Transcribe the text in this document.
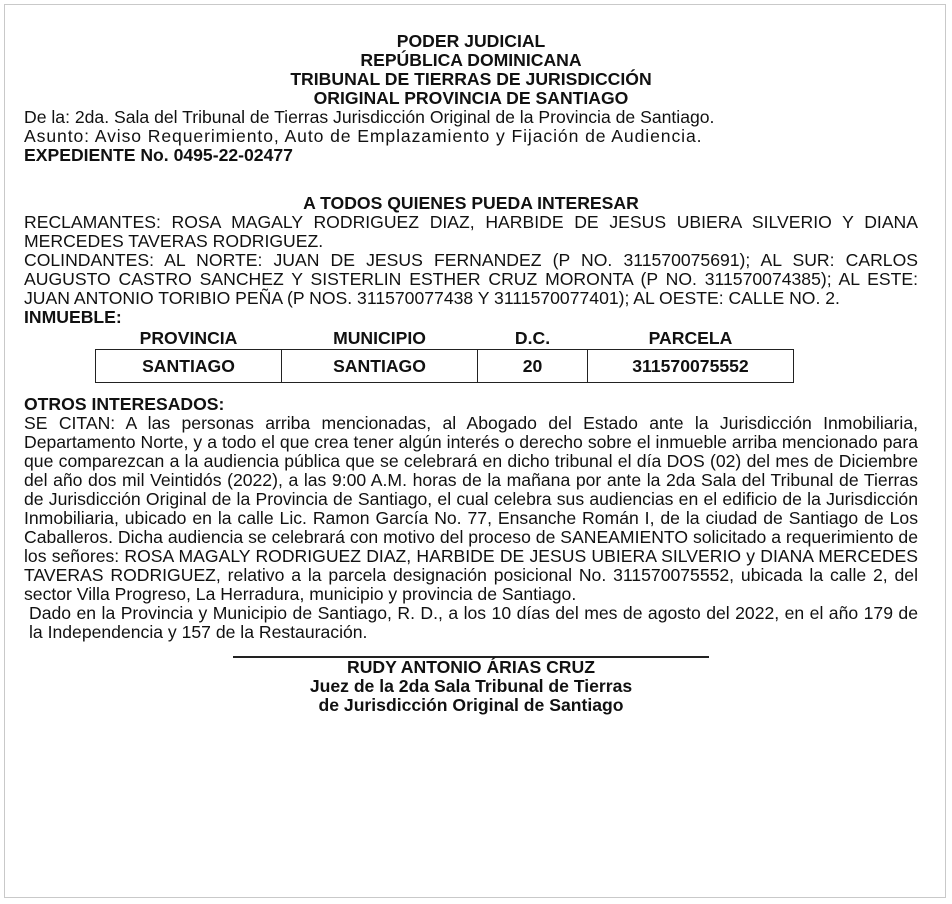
PODER JUDICIAL
REPÚBLICA DOMINICANA
TRIBUNAL DE TIERRAS DE JURISDICCIÓN
ORIGINAL PROVINCIA DE SANTIAGO
De la: 2da. Sala del Tribunal de Tierras Jurisdicción Original de la Provincia de Santiago.
Asunto: Aviso Requerimiento, Auto de Emplazamiento y Fijación de Audiencia.
EXPEDIENTE No. 0495-22-02477
A TODOS QUIENES PUEDA INTERESAR
RECLAMANTES: ROSA MAGALY RODRIGUEZ DIAZ, HARBIDE DE JESUS UBIERA SILVERIO Y DIANA MERCEDES TAVERAS RODRIGUEZ.
COLINDANTES: AL NORTE: JUAN DE JESUS FERNANDEZ (P NO. 311570075691); AL SUR: CARLOS AUGUSTO CASTRO SANCHEZ Y SISTERLIN ESTHER CRUZ MORONTA (P NO. 311570074385); AL ESTE: JUAN ANTONIO TORIBIO PEÑA (P NOS. 311570077438 Y 3111570077401); AL OESTE: CALLE NO. 2.
INMUEBLE:
PROVINCIA	MUNICIPIO	D.C.	PARCELA
SANTIAGO	SANTIAGO	20	311570075552
OTROS INTERESADOS:
SE CITAN: A las personas arriba mencionadas, al Abogado del Estado ante la Jurisdicción Inmobiliaria, Departamento Norte, y a todo el que crea tener algún interés o derecho sobre el inmueble arriba mencionado para que comparezcan a la audiencia pública que se celebrará en dicho tribunal el día DOS (02) del mes de Diciembre del año dos mil Veintidós (2022), a las 9:00 A.M. horas de la mañana por ante la 2da Sala del Tribunal de Tierras de Jurisdicción Original de la Provincia de Santiago, el cual celebra sus audiencias en el edificio de la Jurisdicción Inmobiliaria, ubicado en la calle Lic. Ramon García No. 77, Ensanche Román I, de la ciudad de Santiago de Los Caballeros. Dicha audiencia se celebrará con motivo del proceso de SANEAMIENTO solicitado a requerimiento de los señores: ROSA MAGALY RODRIGUEZ DIAZ, HARBIDE DE JESUS UBIERA SILVERIO y DIANA MERCEDES TAVERAS RODRIGUEZ, relativo a la parcela designación posicional No. 311570075552, ubicada la calle 2, del sector Villa Progreso, La Herradura, municipio y provincia de Santiago.
Dado en la Provincia y Municipio de Santiago, R. D., a los 10 días del mes de agosto del 2022, en el año 179 de la Independencia y 157 de la Restauración.
RUDY ANTONIO ÁRIAS CRUZ
Juez de la 2da Sala Tribunal de Tierras
de Jurisdicción Original de Santiago
